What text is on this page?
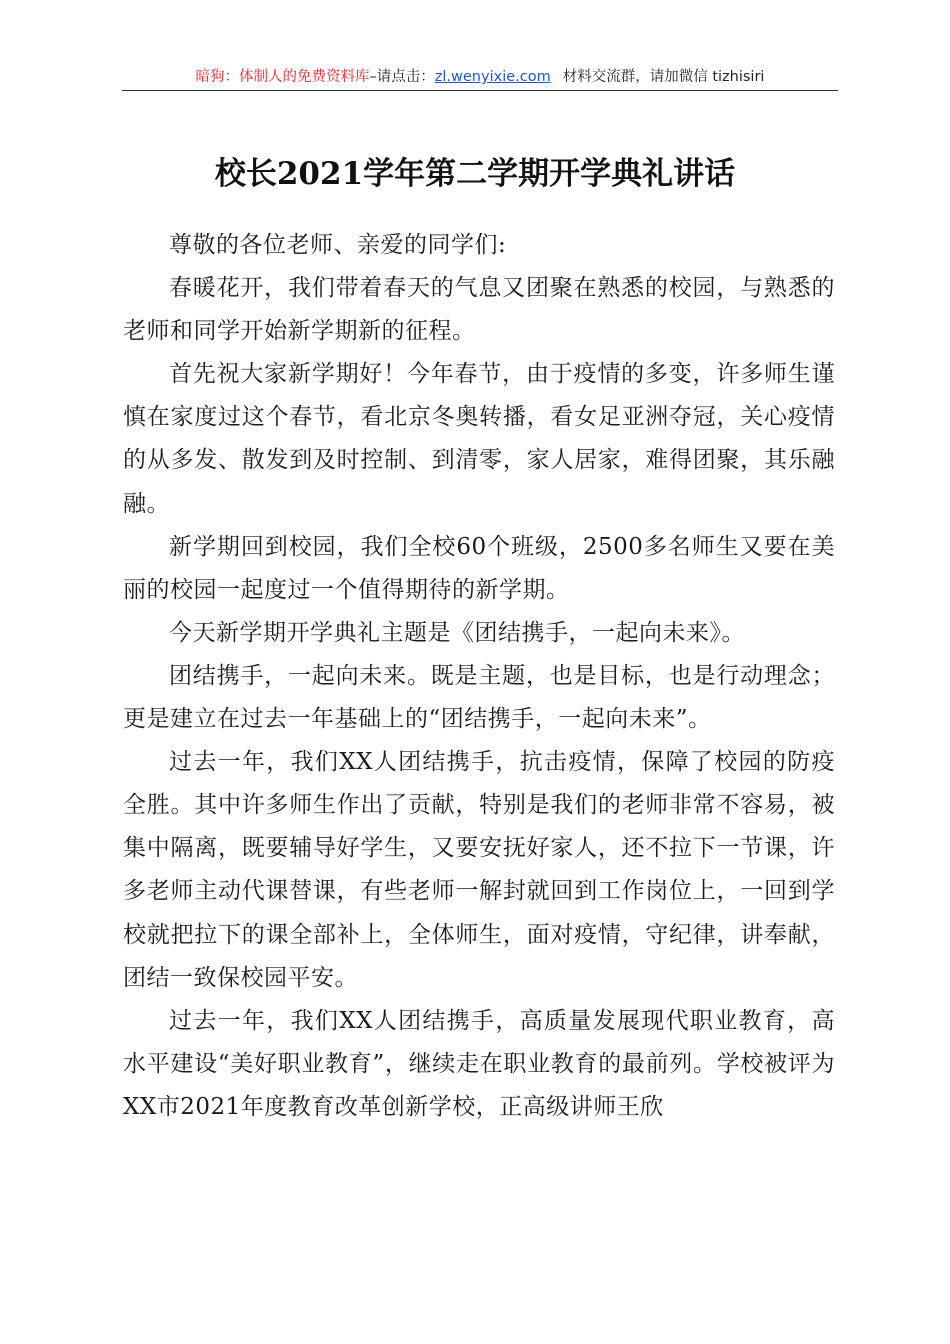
暗狗：体制人的免费资料库–请点击：zl.wenyixie.com 材料交流群，请加微信 tizhisiri
校长2021学年第二学期开学典礼讲话

尊敬的各位老师、亲爱的同学们:

春暖花开，我们带着春天的气息又团聚在熟悉的校园，与熟悉的老师和同学开始新学期新的征程。

首先祝大家新学期好！今年春节，由于疫情的多变，许多师生谨慎在家度过这个春节，看北京冬奥转播，看女足亚洲夺冠，关心疫情的从多发、散发到及时控制、到清零，家人居家，难得团聚，其乐融融。

新学期回到校园，我们全校60个班级，2500多名师生又要在美丽的校园一起度过一个值得期待的新学期。

今天新学期开学典礼主题是《团结携手，一起向未来》。

团结携手，一起向未来。既是主题，也是目标，也是行动理念；更是建立在过去一年基础上的“团结携手，一起向未来”。

过去一年，我们XX人团结携手，抗击疫情，保障了校园的防疫全胜。其中许多师生作出了贡献，特别是我们的老师非常不容易，被集中隔离，既要辅导好学生，又要安抚好家人，还不拉下一节课，许多老师主动代课替课，有些老师一解封就回到工作岗位上，一回到学校就把拉下的课全部补上，全体师生，面对疫情，守纪律，讲奉献，团结一致保校园平安。

过去一年，我们XX人团结携手，高质量发展现代职业教育，高水平建设“美好职业教育”，继续走在职业教育的最前列。学校被评为XX市2021年度教育改革创新学校，正高级讲师王欣
